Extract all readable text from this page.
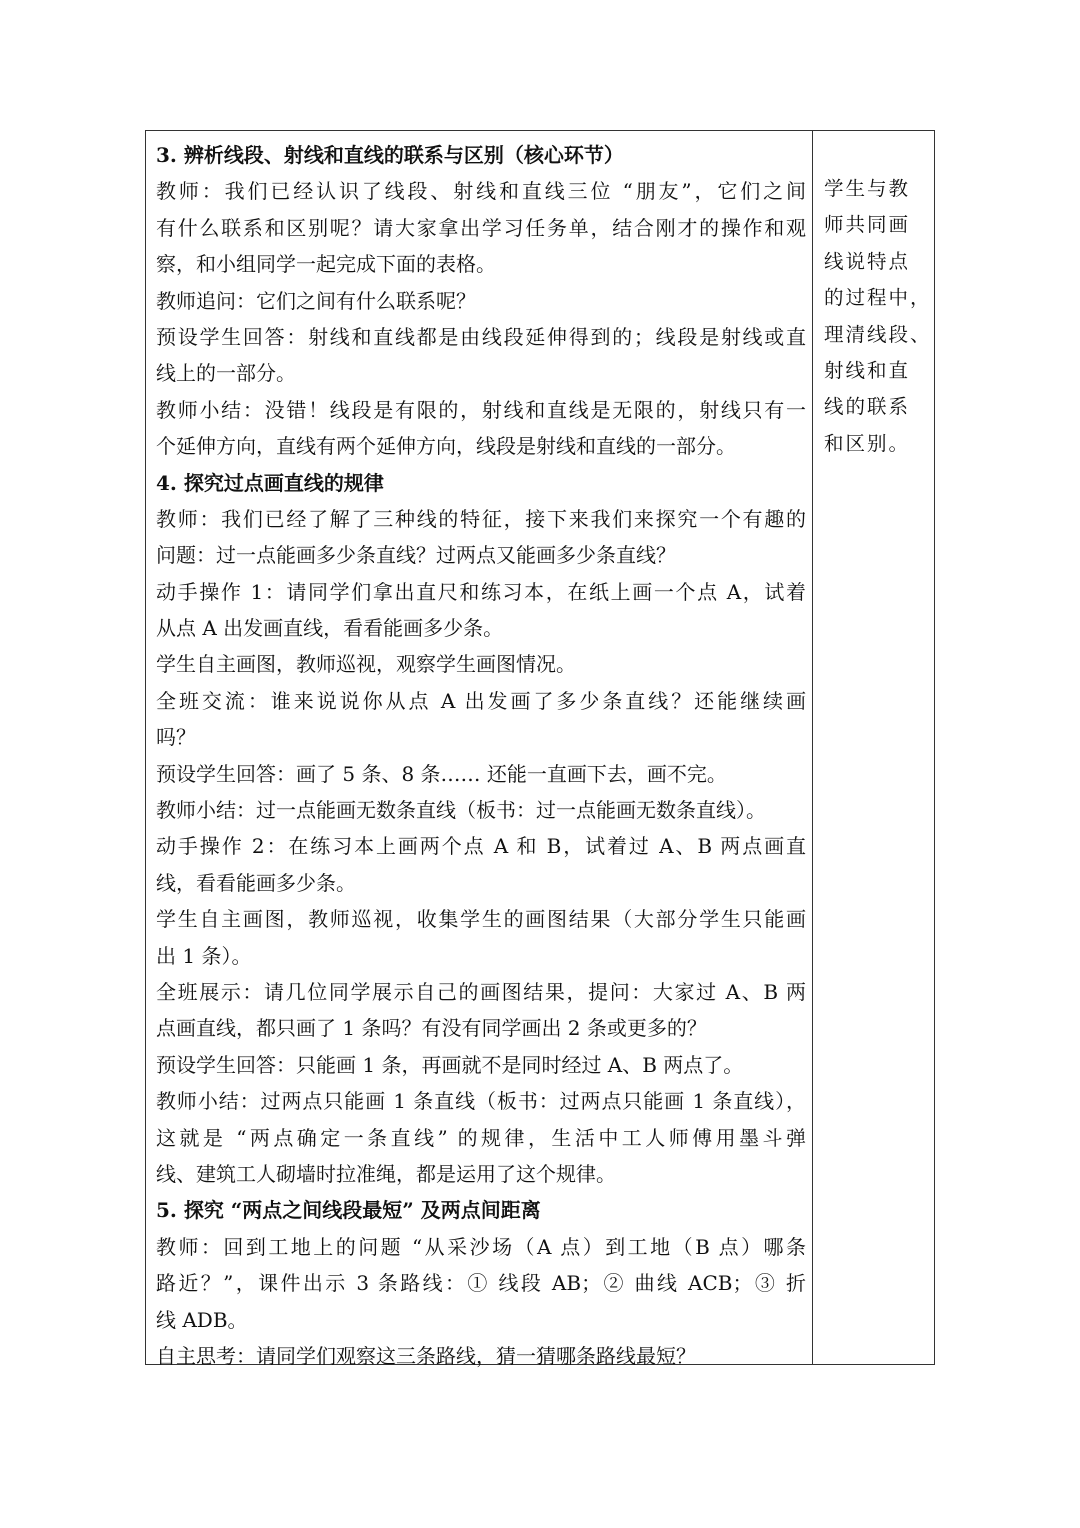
3. 辨析线段、射线和直线的联系与区别（核心环节）
教师：我们已经认识了线段、射线和直线三位 “朋友”，它们之间
有什么联系和区别呢？请大家拿出学习任务单，结合刚才的操作和观
察，和小组同学一起完成下面的表格。
教师追问：它们之间有什么联系呢？
预设学生回答：射线和直线都是由线段延伸得到的；线段是射线或直
线上的一部分。
教师小结：没错！线段是有限的，射线和直线是无限的，射线只有一
个延伸方向，直线有两个延伸方向，线段是射线和直线的一部分。
4. 探究过点画直线的规律
教师：我们已经了解了三种线的特征，接下来我们来探究一个有趣的
问题：过一点能画多少条直线？过两点又能画多少条直线？
动手操作 1：请同学们拿出直尺和练习本，在纸上画一个点 A，试着
从点 A 出发画直线，看看能画多少条。
学生自主画图，教师巡视，观察学生画图情况。
全班交流：谁来说说你从点 A 出发画了多少条直线？还能继续画
吗？
预设学生回答：画了 5 条、8 条…… 还能一直画下去，画不完。
教师小结：过一点能画无数条直线（板书：过一点能画无数条直线）。
动手操作 2：在练习本上画两个点 A 和 B，试着过 A、B 两点画直
线，看看能画多少条。
学生自主画图，教师巡视，收集学生的画图结果（大部分学生只能画
出 1 条）。
全班展示：请几位同学展示自己的画图结果，提问：大家过 A、B 两
点画直线，都只画了 1 条吗？有没有同学画出 2 条或更多的？
预设学生回答：只能画 1 条，再画就不是同时经过 A、B 两点了。
教师小结：过两点只能画 1 条直线（板书：过两点只能画 1 条直线），
这就是 “两点确定一条直线” 的规律，生活中工人师傅用墨斗弹
线、建筑工人砌墙时拉准绳，都是运用了这个规律。
5. 探究 “两点之间线段最短” 及两点间距离
教师：回到工地上的问题 “从采沙场（A 点）到工地（B 点）哪条
路近？”，课件出示 3 条路线：① 线段 AB；② 曲线 ACB；③ 折
线 ADB。
自主思考：请同学们观察这三条路线，猜一猜哪条路线最短？
学生与教
师共同画
线说特点
的过程中，
理清线段、
射线和直
线的联系
和区别。
